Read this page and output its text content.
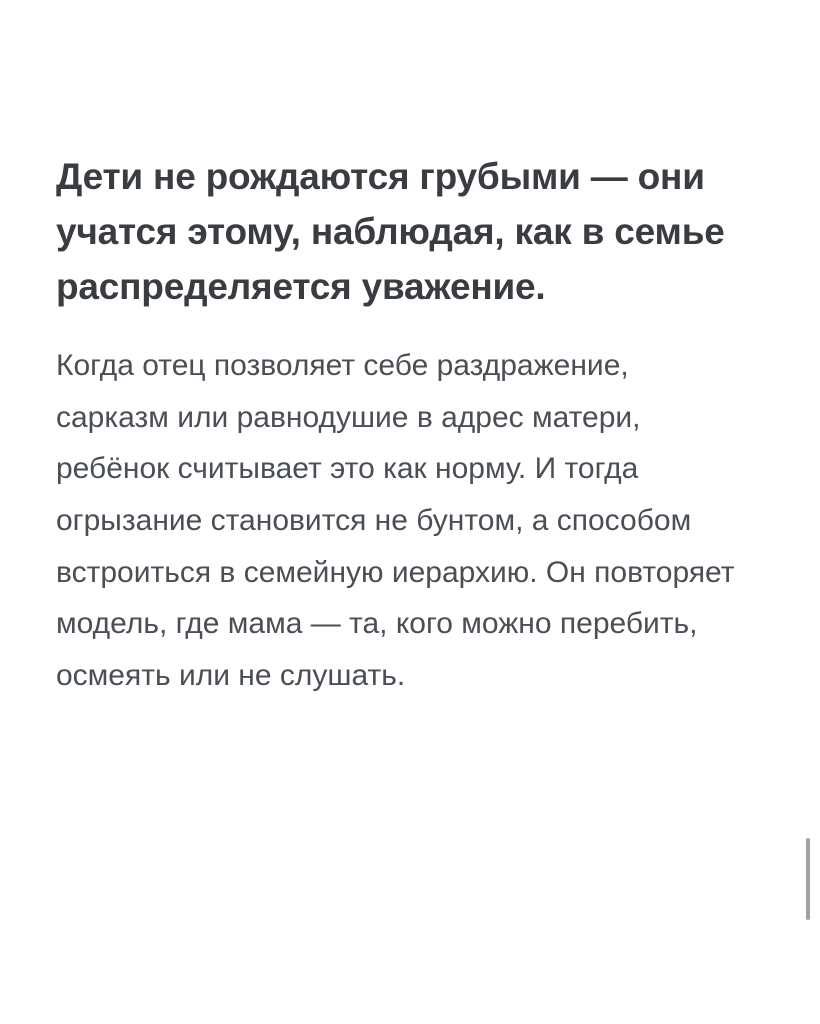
Дети не рождаются грубыми — они учатся этому, наблюдая, как в семье распределяется уважение.

Когда отец позволяет себе раздражение, сарказм или равнодушие в адрес матери, ребёнок считывает это как норму. И тогда огрызание становится не бунтом, а способом встроиться в семейную иерархию. Он повторяет модель, где мама — та, кого можно перебить, осмеять или не слушать.
